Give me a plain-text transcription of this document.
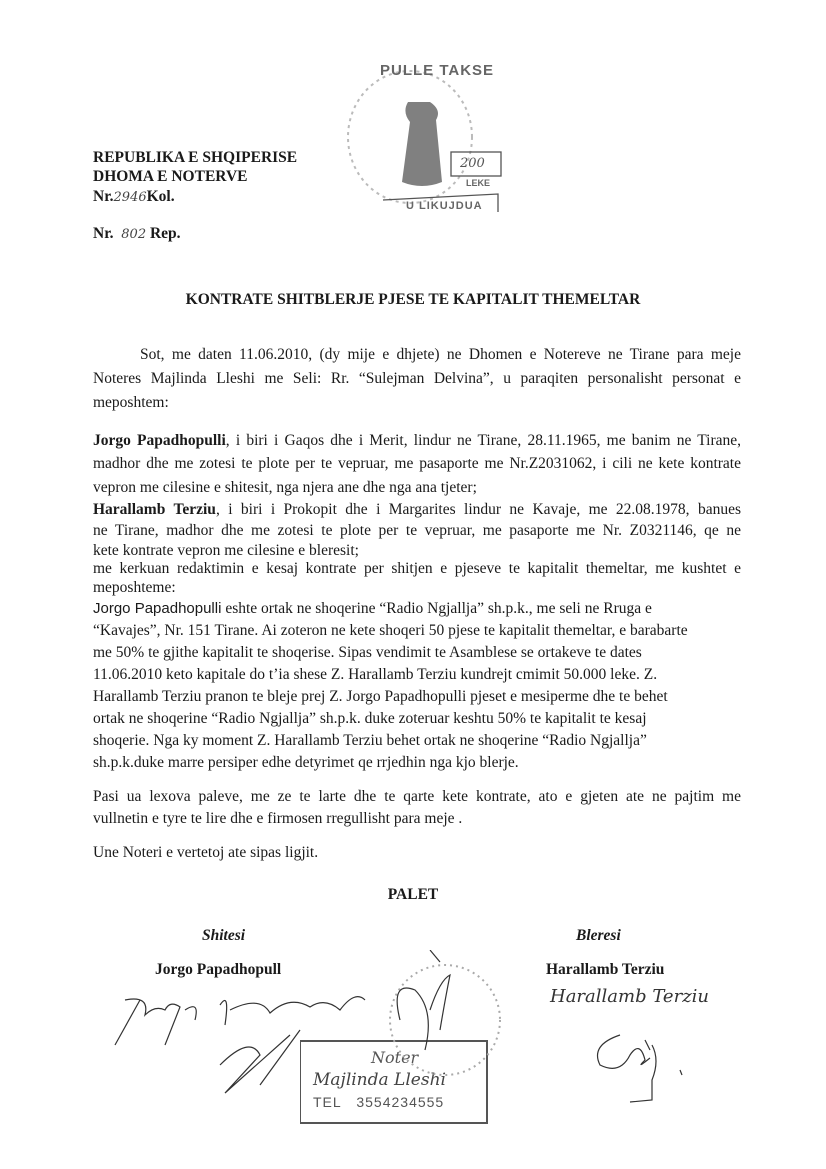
REPUBLIKA E SHQIPERISE
DHOMA E NOTERVE
Nr.2946Kol.
Nr. 802 Rep.
PULLE TAKSE
200
LEKE
U LIKUJDUA
KONTRATE SHITBLERJE PJESE TE KAPITALIT THEMELTAR
Sot, me daten 11.06.2010, (dy mije e dhjete) ne Dhomen e Notereve ne Tirane para meje
Noteres Majlinda Lleshi me Seli: Rr. “Sulejman Delvina”, u paraqiten personalisht personat e
meposhtem:
Jorgo Papadhopulli, i biri i Gaqos dhe i Merit, lindur ne Tirane, 28.11.1965, me banim ne Tirane,
madhor dhe me zotesi te plote per te vepruar, me pasaporte me Nr.Z2031062, i cili ne kete kontrate
vepron me cilesine e shitesit, nga njera ane dhe nga ana tjeter;
Harallamb Terziu, i biri i Prokopit dhe i Margarites lindur ne Kavaje, me 22.08.1978, banues
ne Tirane, madhor dhe me zotesi te plote per te vepruar, me pasaporte me Nr. Z0321146, qe ne
kete kontrate vepron me cilesine e bleresit;
me kerkuan redaktimin e kesaj kontrate per shitjen e pjeseve te kapitalit themeltar, me kushtet e
meposhteme:
Jorgo Papadhopulli eshte ortak ne shoqerine “Radio Ngjallja” sh.p.k., me seli ne Rruga e
“Kavajes”, Nr. 151 Tirane. Ai zoteron ne kete shoqeri 50 pjese te kapitalit themeltar, e barabarte
me 50% te gjithe kapitalit te shoqerise. Sipas vendimit te Asamblese se ortakeve te dates
11.06.2010 keto kapitale do t’ia shese Z. Harallamb Terziu kundrejt cmimit 50.000 leke. Z.
Harallamb Terziu pranon te bleje prej Z. Jorgo Papadhopulli pjeset e mesiperme dhe te behet
ortak ne shoqerine “Radio Ngjallja” sh.p.k. duke zoteruar keshtu 50% te kapitalit te kesaj
shoqerie. Nga ky moment Z. Harallamb Terziu behet ortak ne shoqerine “Radio Ngjallja”
sh.p.k.duke marre persiper edhe detyrimet qe rrjedhin nga kjo blerje.
Pasi ua lexova paleve, me ze te larte dhe te qarte kete kontrate, ato e gjeten ate ne pajtim me
vullnetin e tyre te lire dhe e firmosen rregullisht para meje .
Une Noteri e vertetoj ate sipas ligjit.
PALET
Shitesi	Bleresi
Jorgo Papadhopull	Harallamb Terziu
Harallamb Terziu
Noter
Majlinda Lleshi
TEL 3554234555
